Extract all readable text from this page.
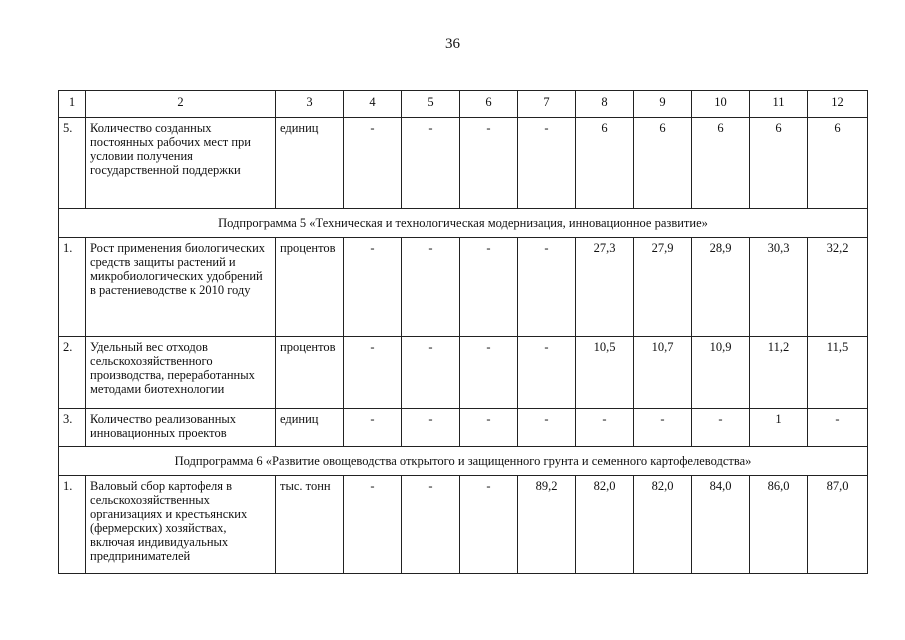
36
1	2	3	4	5	6	7	8	9	10	11	12
5.	Количество созданных постоянных рабочих мест при условии получения государственной поддержки	единиц	-	-	-	-	6	6	6	6	6
Подпрограмма 5 «Техническая и технологическая модернизация, инновационное развитие»											
1.	Рост применения биологических средств защиты растений и микробиологических удобрений в растениеводстве к 2010 году	процентов	-	-	-	-	27,3	27,9	28,9	30,3	32,2
2.	Удельный вес отходов сельскохозяйственного производства, переработанных методами биотехнологии	процентов	-	-	-	-	10,5	10,7	10,9	11,2	11,5
3.	Количество реализованных инновационных проектов	единиц	-	-	-	-	-	-	-	1	-
Подпрограмма 6 «Развитие овощеводства открытого и защищенного грунта и семенного картофелеводства»											
1.	Валовый сбор картофеля в сельскохозяйственных организациях и крестьянских (фермерских) хозяйствах, включая индивидуальных предпринимателей	тыс. тонн	-	-	-	89,2	82,0	82,0	84,0	86,0	87,0
